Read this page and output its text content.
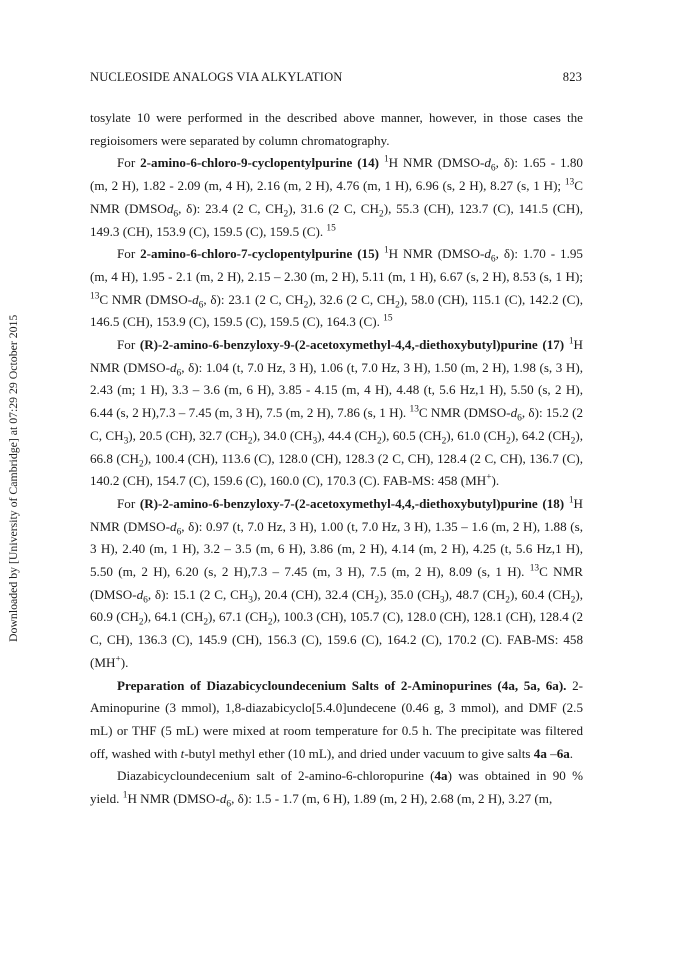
NUCLEOSIDE ANALOGS VIA ALKYLATION	823
Downloaded by [University of Cambridge] at 07:29 29 October 2015

tosylate 10 were performed in the described above manner, however, in those cases the regioisomers were separated by column chromatography.

For 2-amino-6-chloro-9-cyclopentylpurine (14) $^1$H NMR ($DMSO-d_6$, δ): 1.65 - 1.80 (m, 2 H), 1.82 - 2.09 (m, 4 H), 2.16 (m, 2 H), 4.76 (m, 1 H), 6.96 (s, 2 H), 8.27 (s, 1 H); $^{13}$C NMR (DMSOd$_6$, δ): 23.4 (2 C, $CH_2$), 31.6 (2 C, $CH_2$), 55.3 (CH), 123.7 (C), 141.5 (CH), 149.3 (CH), 153.9 (C), 159.5 (C), 159.5 (C). $^{15}$

For 2-amino-6-chloro-7-cyclopentylpurine (15) $^1$H NMR ($DMSO-d_6$, δ): 1.70 - 1.95 (m, 4 H), 1.95 - 2.1 (m, 2 H), 2.15 – 2.30 (m, 2 H), 5.11 (m, 1 H), 6.67 (s, 2 H), 8.53 (s, 1 H); $^{13}$C NMR ($DMSO-d_6$, δ): 23.1 (2 C, $CH_2$), 32.6 (2 C, $CH_2$), 58.0 (CH), 115.1 (C), 142.2 (C), 146.5 (CH), 153.9 (C), 159.5 (C), 159.5 (C), 164.3 (C). $^{15}$

For (R)-2-amino-6-benzyloxy-9-(2-acetoxymethyl-4,4,-diethoxybutyl)purine (17) $^1$H NMR ($DMSO-d_6$, δ): 1.04 (t, 7.0 Hz, 3 H), 1.06 (t, 7.0 Hz, 3 H), 1.50 (m, 2 H), 1.98 (s, 3 H), 2.43 (m; 1 H), 3.3 – 3.6 (m, 6 H), 3.85 - 4.15 (m, 4 H), 4.48 (t, 5.6 Hz,1 H), 5.50 (s, 2 H), 6.44 (s, 2 H),7.3 – 7.45 (m, 3 H), 7.5 (m, 2 H), 7.86 (s, 1 H). $^{13}$C NMR ($DMSO-d_6$, δ): 15.2 (2 C, $CH_3$), 20.5 (CH), 32.7 $(CH_2)$, 34.0 $(CH_3)$, 44.4 $(CH_2)$, 60.5 $(CH_2)$, 61.0 $(CH_2)$, 64.2 $(CH_2)$, 66.8 $(CH_2)$, 100.4 (CH), 113.6 (C), 128.0 (CH), 128.3 (2 C, CH), 128.4 (2 C, CH), 136.7 (C), 140.2 (CH), 154.7 (C), 159.6 (C), 160.0 (C), 170.3 (C). FAB-MS: 458 (MH+).

For (R)-2-amino-6-benzyloxy-7-(2-acetoxymethyl-4,4,-diethoxybutyl)purine (18) $^1$H NMR ($DMSO-d_6$, δ): 0.97 (t, 7.0 Hz, 3 H), 1.00 (t, 7.0 Hz, 3 H), 1.35 – 1.6 (m, 2 H), 1.88 (s, 3 H), 2.40 (m, 1 H), 3.2 – 3.5 (m, 6 H), 3.86 (m, 2 H), 4.14 (m, 2 H), 4.25 (t, 5.6 Hz,1 H), 5.50 (m, 2 H), 6.20 (s, 2 H),7.3 – 7.45 (m, 3 H), 7.5 (m, 2 H), 8.09 (s, 1 H). $^{13}$C NMR ($DMSO-d_6$, δ): 15.1 (2 C, $CH_3$), 20.4 (CH), 32.4 $(CH_2)$, 35.0 $(CH_3)$, 48.7 $(CH_2)$, 60.4 $(CH_2)$, 60.9 $(CH_2)$, 64.1 $(CH_2)$, 67.1 $(CH_2)$, 100.3 (CH), 105.7 (C), 128.0 (CH), 128.1 (CH), 128.4 (2 C, CH), 136.3 (C), 145.9 (CH), 156.3 (C), 159.6 (C), 164.2 (C), 170.2 (C). FAB-MS: 458 (MH+).

Preparation of Diazabicycloundecenium Salts of 2-Aminopurines (4a, 5a, 6a). 2-Aminopurine (3 mmol), 1,8-diazabicyclo[5.4.0]undecene (0.46 g, 3 mmol), and DMF (2.5 mL) or THF (5 mL) were mixed at room temperature for 0.5 h. The precipitate was filtered off, washed with t-butyl methyl ether (10 mL), and dried under vacuum to give salts 4a –6a.

Diazabicycloundecenium salt of 2-amino-6-chloropurine (4a) was obtained in 90 % yield. $^1$H NMR ($DMSO-d_6$, δ): 1.5 - 1.7 (m, 6 H), 1.89 (m, 2 H), 2.68 (m, 2 H), 3.27 (m,
